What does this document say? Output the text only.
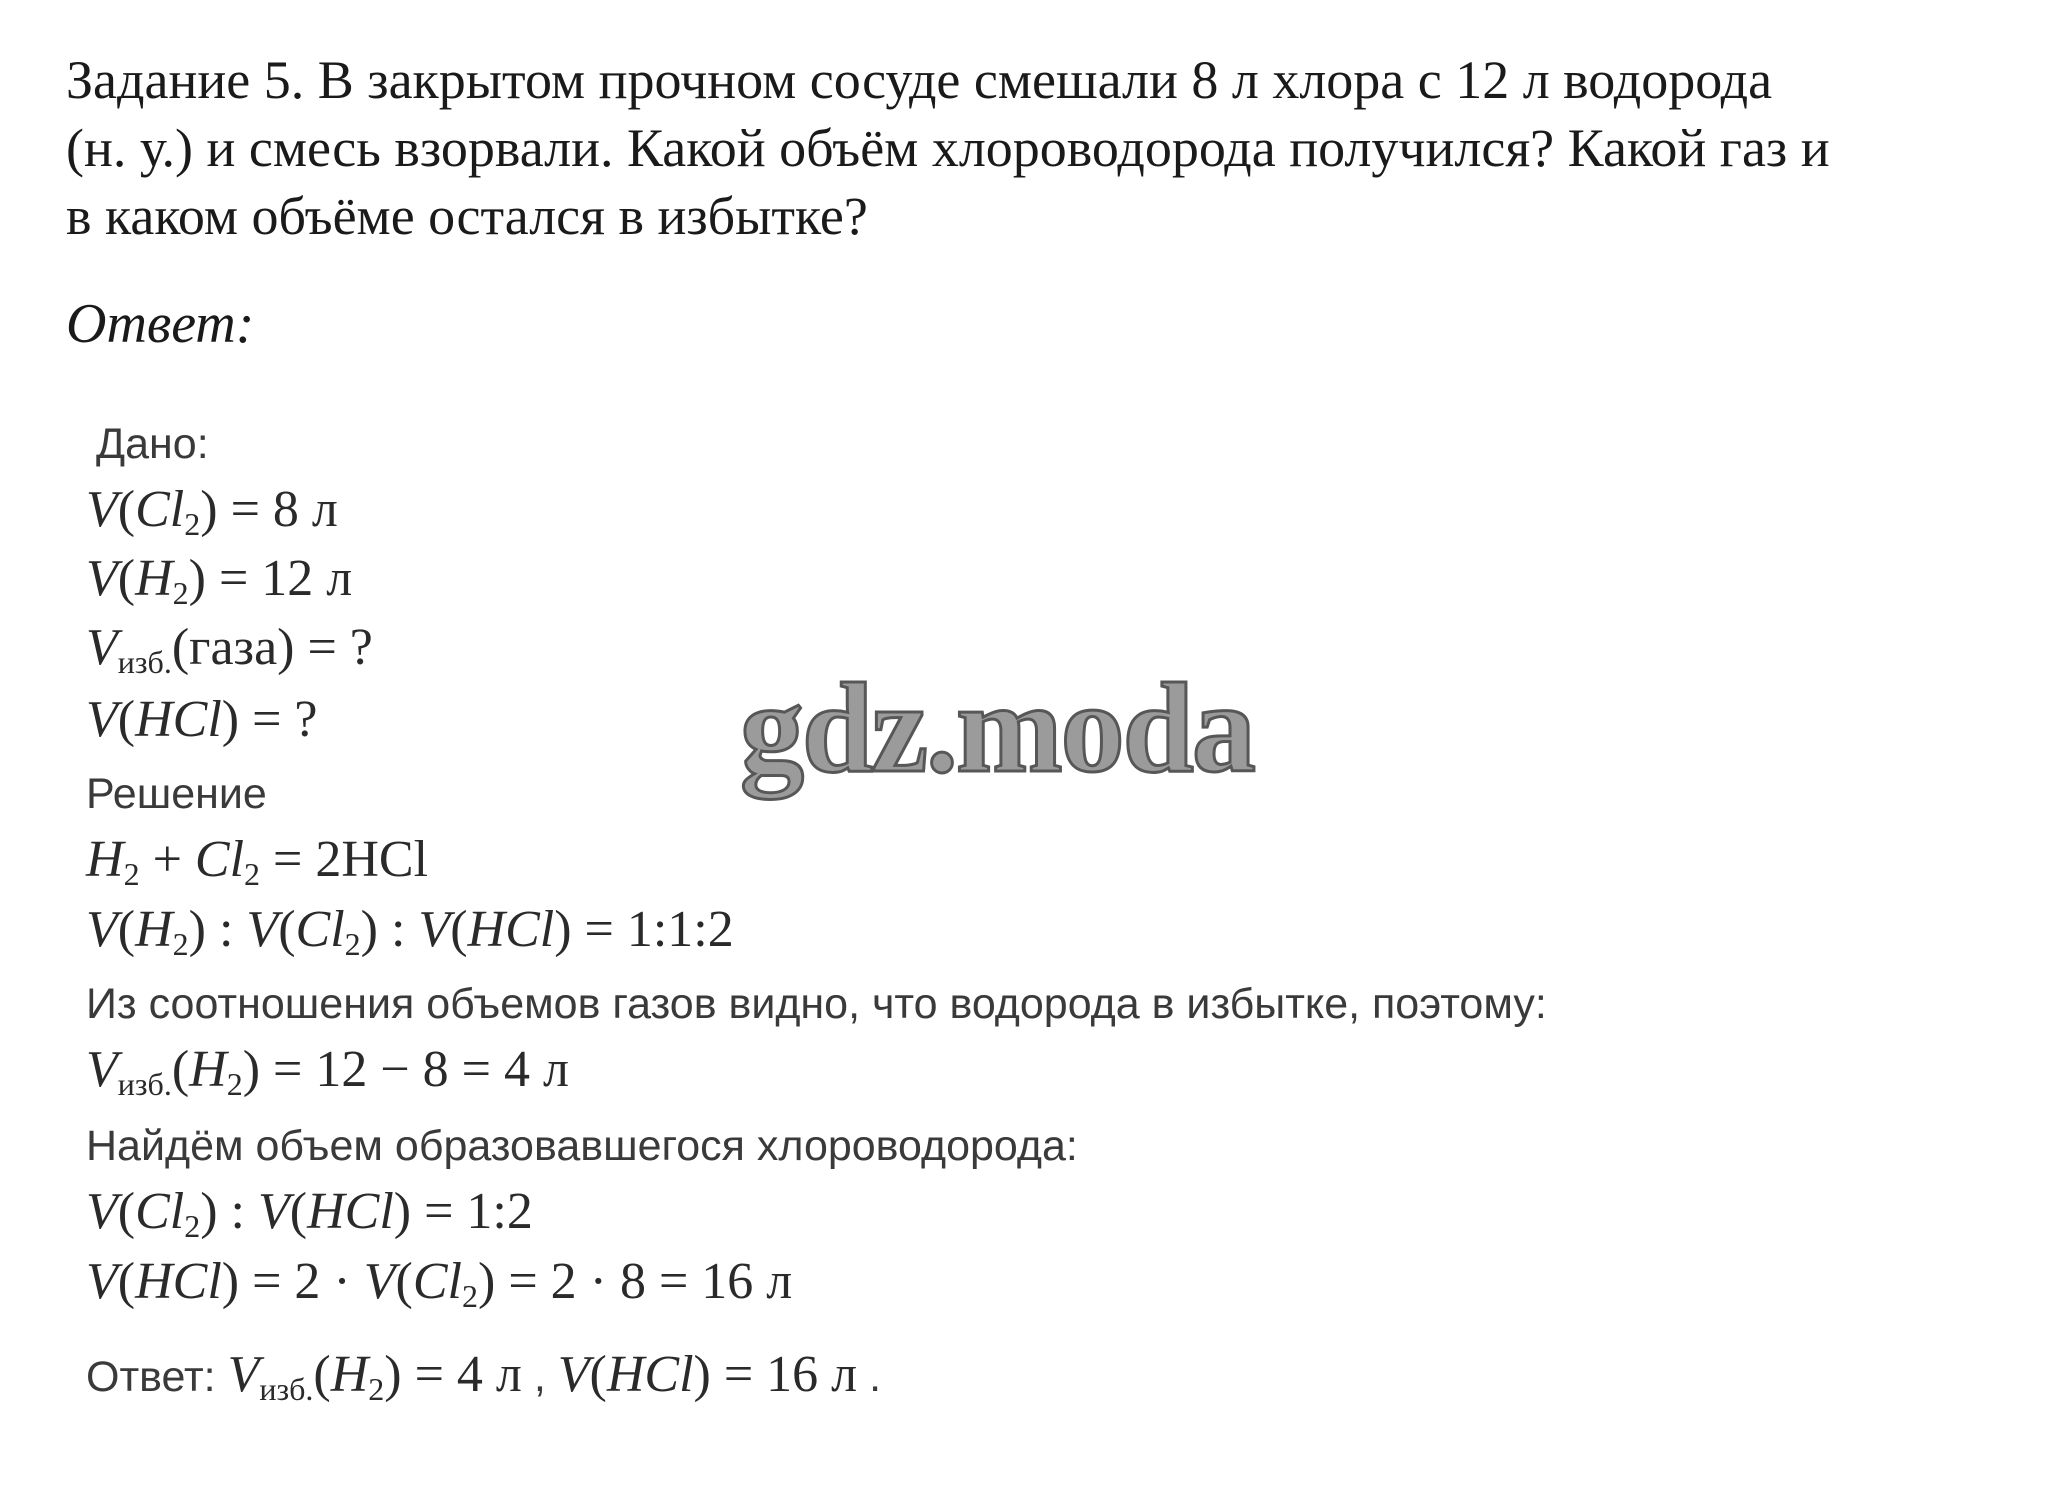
Задание 5. В закрытом прочном сосуде смешали 8 л хлора с 12 л водорода
(н. у.) и смесь взорвали. Какой объём хлороводорода получился? Какой газ и
в каком объёме остался в избытке?
Ответ:
Дано:
$V(Cl_2) = 8$ л
$V(H_2) = 12$ л
$V_{изб.}(газа)$ = ?
V(HCl) = ?
Решение
$H_2 + Cl_2 = 2HCl$
$V(H_2)$ : $V(Cl_2)$ : V(HCl) = 1:1:2
Из соотношения объемов газов видно, что водорода в избытке, поэтому:
$V_{изб.}(H_2) = 12 - 8 = 4$ л
Найдём объем образовавшегося хлороводорода:
$V(Cl_2)$ : V(HCl) = 1:2
$V(HCl) = 2 \cdot V(Cl_2) = 2 \cdot 8 = 16$ л
Ответ: $V_{изб.}(H_2) = 4$ л , V(HCl) = 16 л .
gdz.moda
